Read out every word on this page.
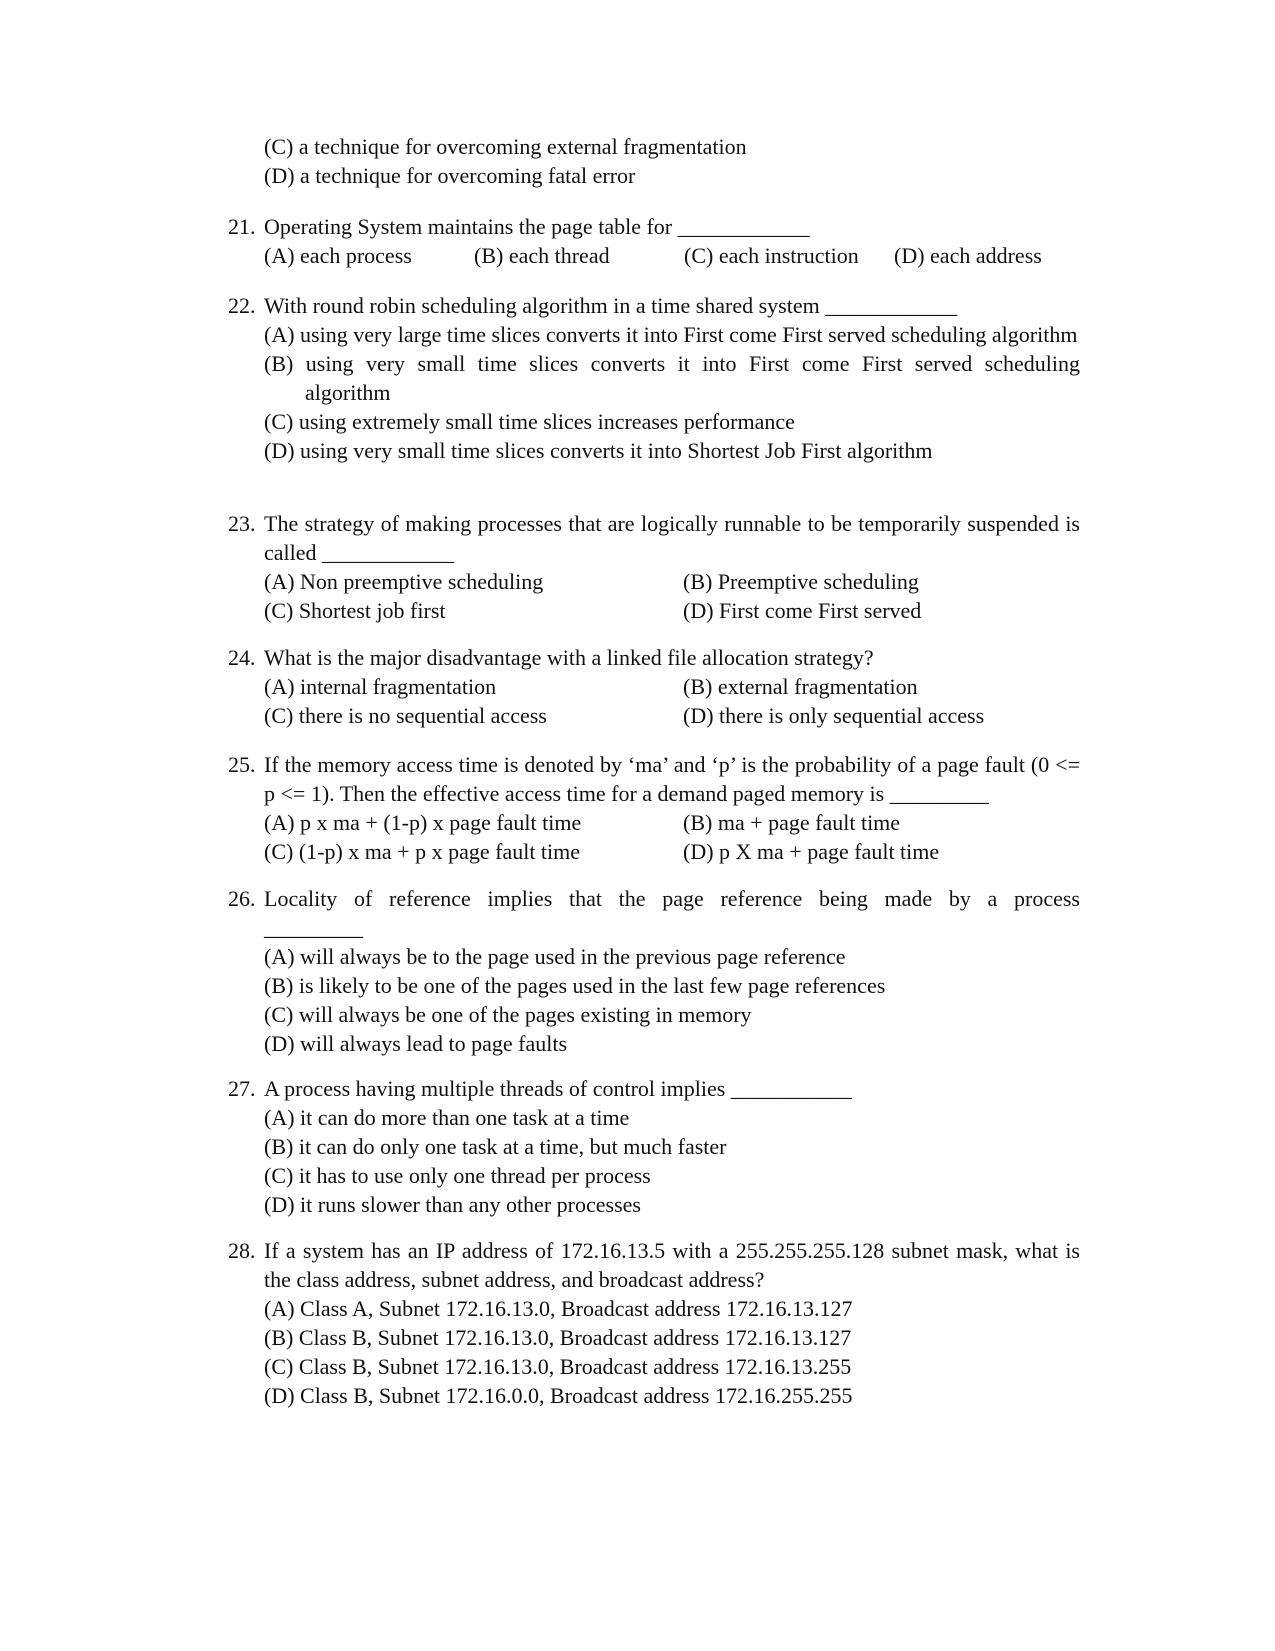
(C) a technique for overcoming external fragmentation
(D) a technique for overcoming fatal error
21. Operating System maintains the page table for ____________
(A) each process	(B) each thread	(C) each instruction	(D) each address
22. With round robin scheduling algorithm in a time shared system ____________
(A) using very large time slices converts it into First come First served scheduling algorithm
(B) using very small time slices converts it into First come First served scheduling algorithm
(C) using extremely small time slices increases performance
(D) using very small time slices converts it into Shortest Job First algorithm
23. The strategy of making processes that are logically runnable to be temporarily suspended is called ____________
(A) Non preemptive scheduling	(B) Preemptive scheduling
(C) Shortest job first	(D) First come First served
24. What is the major disadvantage with a linked file allocation strategy?
(A) internal fragmentation	(B) external fragmentation
(C) there is no sequential access	(D) there is only sequential access
25. If the memory access time is denoted by ‘ma’ and ‘p’ is the probability of a page fault (0 <= p <= 1). Then the effective access time for a demand paged memory is _________
(A) p x ma + (1-p) x page fault time	(B) ma + page fault time
(C) (1-p) x ma + p x page fault time	(D) p X ma + page fault time
26. Locality of reference implies that the page reference being made by a process
_________
(A) will always be to the page used in the previous page reference
(B) is likely to be one of the pages used in the last few page references
(C) will always be one of the pages existing in memory
(D) will always lead to page faults
27. A process having multiple threads of control implies ___________
(A) it can do more than one task at a time
(B) it can do only one task at a time, but much faster
(C) it has to use only one thread per process
(D) it runs slower than any other processes
28. If a system has an IP address of 172.16.13.5 with a 255.255.255.128 subnet mask, what is the class address, subnet address, and broadcast address?
(A) Class A, Subnet 172.16.13.0, Broadcast address 172.16.13.127
(B) Class B, Subnet 172.16.13.0, Broadcast address 172.16.13.127
(C) Class B, Subnet 172.16.13.0, Broadcast address 172.16.13.255
(D) Class B, Subnet 172.16.0.0, Broadcast address 172.16.255.255
